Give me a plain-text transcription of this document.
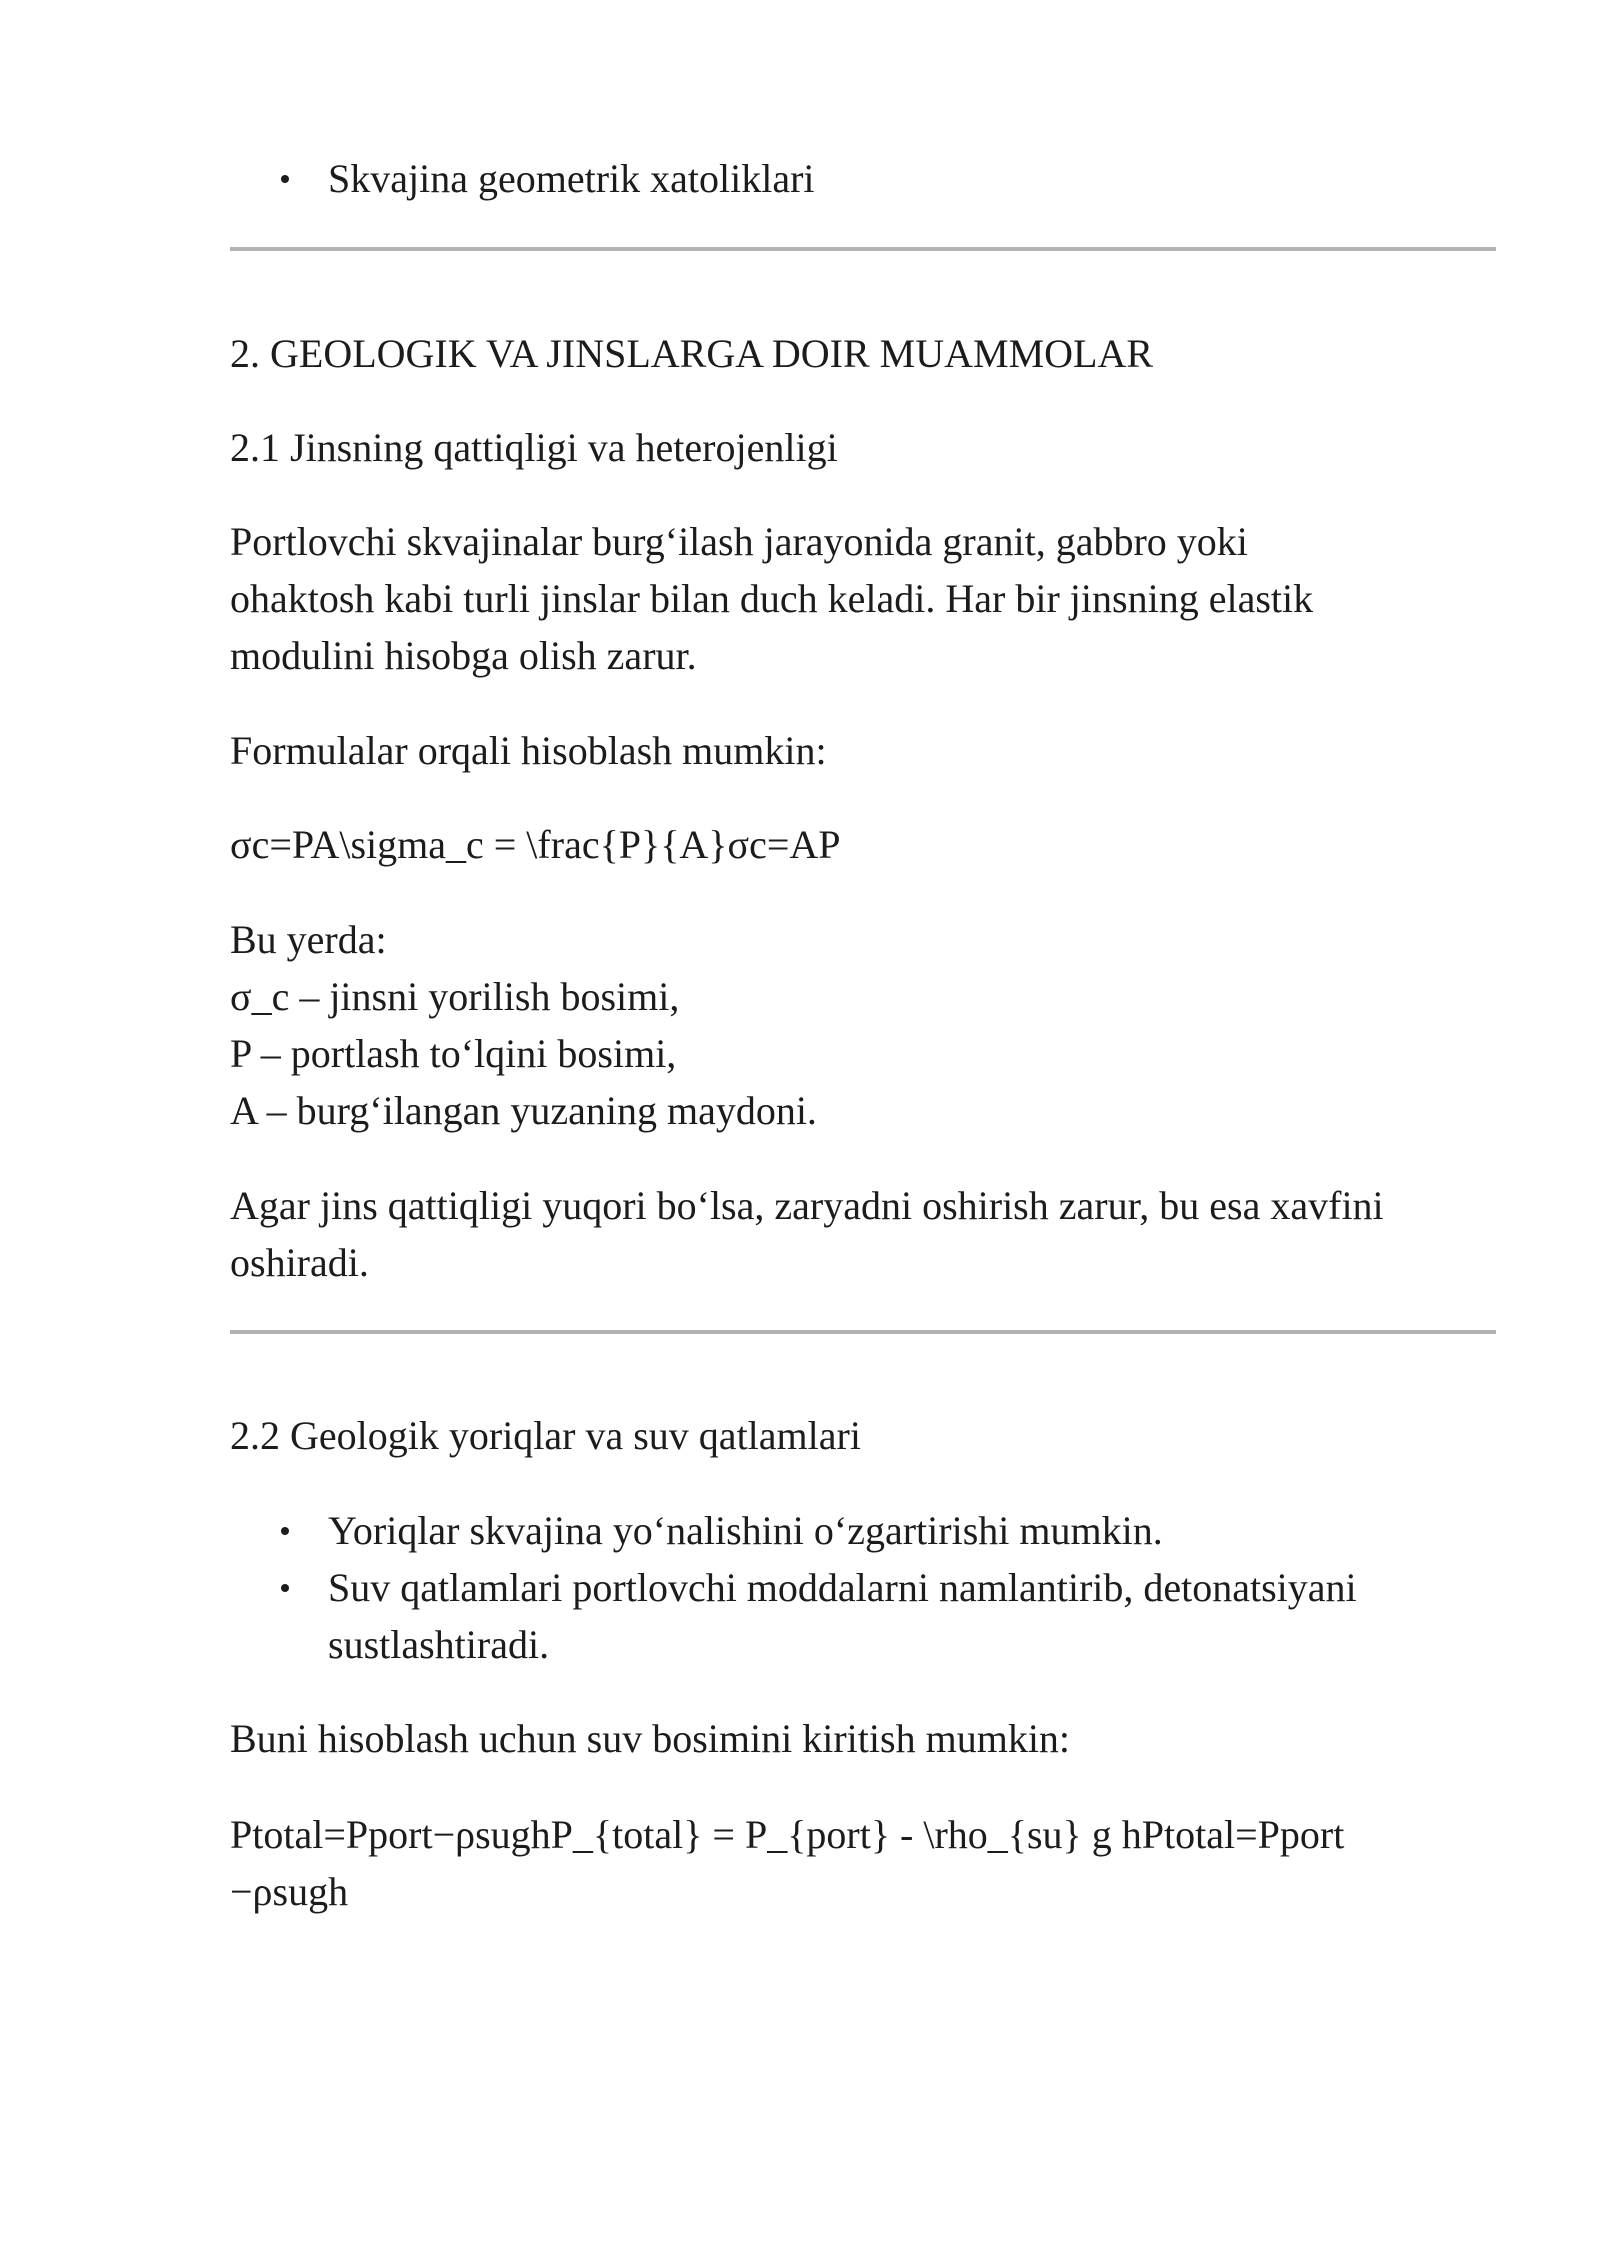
Skvajina geometrik xatoliklari

2. GEOLOGIK VA JINSLARGA DOIR MUAMMOLAR

2.1 Jinsning qattiqligi va heterojenligi

Portlovchi skvajinalar burg‘ilash jarayonida granit, gabbro yoki

ohaktosh kabi turli jinslar bilan duch keladi. Har bir jinsning elastik

modulini hisobga olish zarur.

Formulalar orqali hisoblash mumkin:

σc=PA\sigma_c = \frac{P}{A}σc=AP

Bu yerda:

σ_c – jinsni yorilish bosimi,

P – portlash to‘lqini bosimi,

A – burg‘ilangan yuzaning maydoni.

Agar jins qattiqligi yuqori bo‘lsa, zaryadni oshirish zarur, bu esa xavfini

oshiradi.

2.2 Geologik yoriqlar va suv qatlamlari

Yoriqlar skvajina yo‘nalishini o‘zgartirishi mumkin.
Suv qatlamlari portlovchi moddalarni namlantirib, detonatsiyani
sustlashtiradi.

Buni hisoblash uchun suv bosimini kiritish mumkin:

Ptotal=Pport−ρsughP_{total} = P_{port} - \rho_{su} g hPtotal=Pport

−ρsugh
